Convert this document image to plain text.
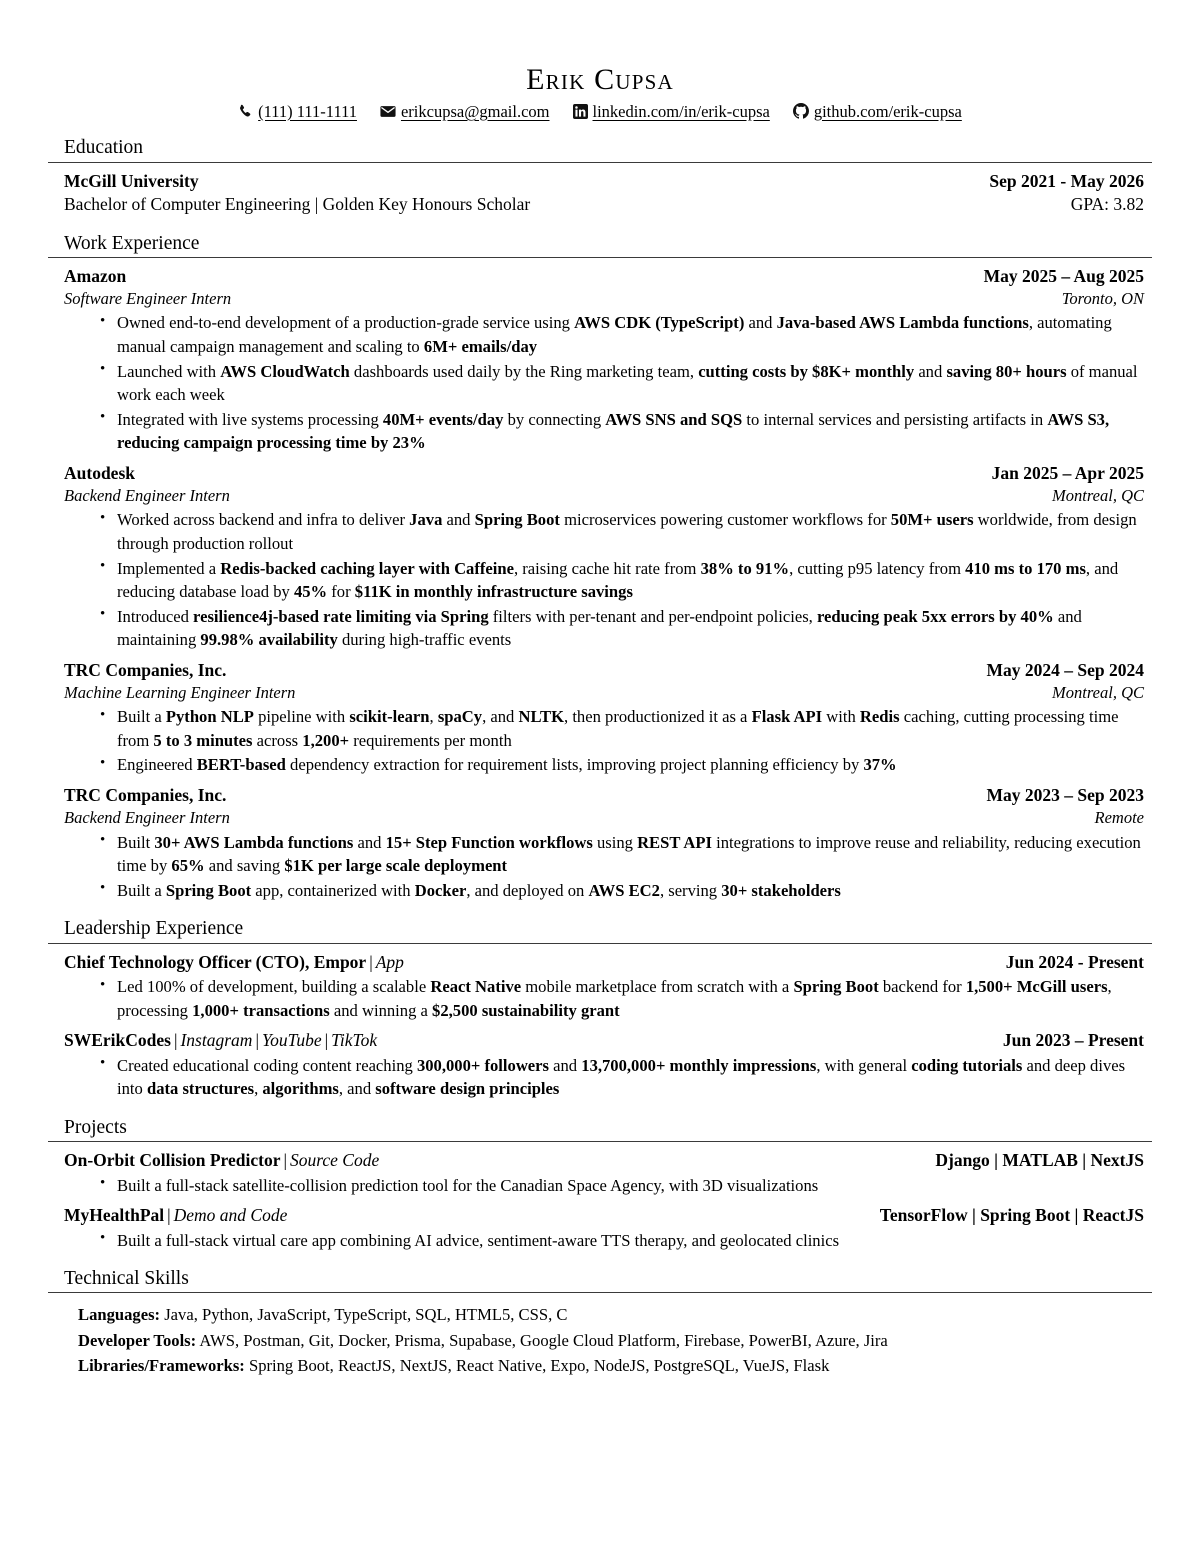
Erik Cupsa
(111) 111-1111	erikcupsa@gmail.com	linkedin.com/in/erik-cupsa	github.com/erik-cupsa
Education
McGill University	Sep 2021 - May 2026
Bachelor of Computer Engineering | Golden Key Honours Scholar	GPA: 3.82
Work Experience
Amazon	May 2025 – Aug 2025
Software Engineer Intern	Toronto, ON
• Owned end-to-end development of a production-grade service using AWS CDK (TypeScript) and Java-based AWS Lambda functions, automating manual campaign management and scaling to 6M+ emails/day
• Launched with AWS CloudWatch dashboards used daily by the Ring marketing team, cutting costs by $8K+ monthly and saving 80+ hours of manual work each week
• Integrated with live systems processing 40M+ events/day by connecting AWS SNS and SQS to internal services and persisting artifacts in AWS S3, reducing campaign processing time by 23%
Autodesk	Jan 2025 – Apr 2025
Backend Engineer Intern	Montreal, QC
• Worked across backend and infra to deliver Java and Spring Boot microservices powering customer workflows for 50M+ users worldwide, from design through production rollout
• Implemented a Redis-backed caching layer with Caffeine, raising cache hit rate from 38% to 91%, cutting p95 latency from 410 ms to 170 ms, and reducing database load by 45% for $11K in monthly infrastructure savings
• Introduced resilience4j-based rate limiting via Spring filters with per-tenant and per-endpoint policies, reducing peak 5xx errors by 40% and maintaining 99.98% availability during high-traffic events
TRC Companies, Inc.	May 2024 – Sep 2024
Machine Learning Engineer Intern	Montreal, QC
• Built a Python NLP pipeline with scikit-learn, spaCy, and NLTK, then productionized it as a Flask API with Redis caching, cutting processing time from 5 to 3 minutes across 1,200+ requirements per month
• Engineered BERT-based dependency extraction for requirement lists, improving project planning efficiency by 37%
TRC Companies, Inc.	May 2023 – Sep 2023
Backend Engineer Intern	Remote
• Built 30+ AWS Lambda functions and 15+ Step Function workflows using REST API integrations to improve reuse and reliability, reducing execution time by 65% and saving $1K per large scale deployment
• Built a Spring Boot app, containerized with Docker, and deployed on AWS EC2, serving 30+ stakeholders
Leadership Experience
Chief Technology Officer (CTO), Empor | App	Jun 2024 - Present
• Led 100% of development, building a scalable React Native mobile marketplace from scratch with a Spring Boot backend for 1,500+ McGill users, processing 1,000+ transactions and winning a $2,500 sustainability grant
SWErikCodes | Instagram | YouTube | TikTok	Jun 2023 – Present
• Created educational coding content reaching 300,000+ followers and 13,700,000+ monthly impressions, with general coding tutorials and deep dives into data structures, algorithms, and software design principles
Projects
On-Orbit Collision Predictor | Source Code	Django | MATLAB | NextJS
• Built a full-stack satellite-collision prediction tool for the Canadian Space Agency, with 3D visualizations
MyHealthPal | Demo and Code	TensorFlow | Spring Boot | ReactJS
• Built a full-stack virtual care app combining AI advice, sentiment-aware TTS therapy, and geolocated clinics
Technical Skills
Languages: Java, Python, JavaScript, TypeScript, SQL, HTML5, CSS, C
Developer Tools: AWS, Postman, Git, Docker, Prisma, Supabase, Google Cloud Platform, Firebase, PowerBI, Azure, Jira
Libraries/Frameworks: Spring Boot, ReactJS, NextJS, React Native, Expo, NodeJS, PostgreSQL, VueJS, Flask
